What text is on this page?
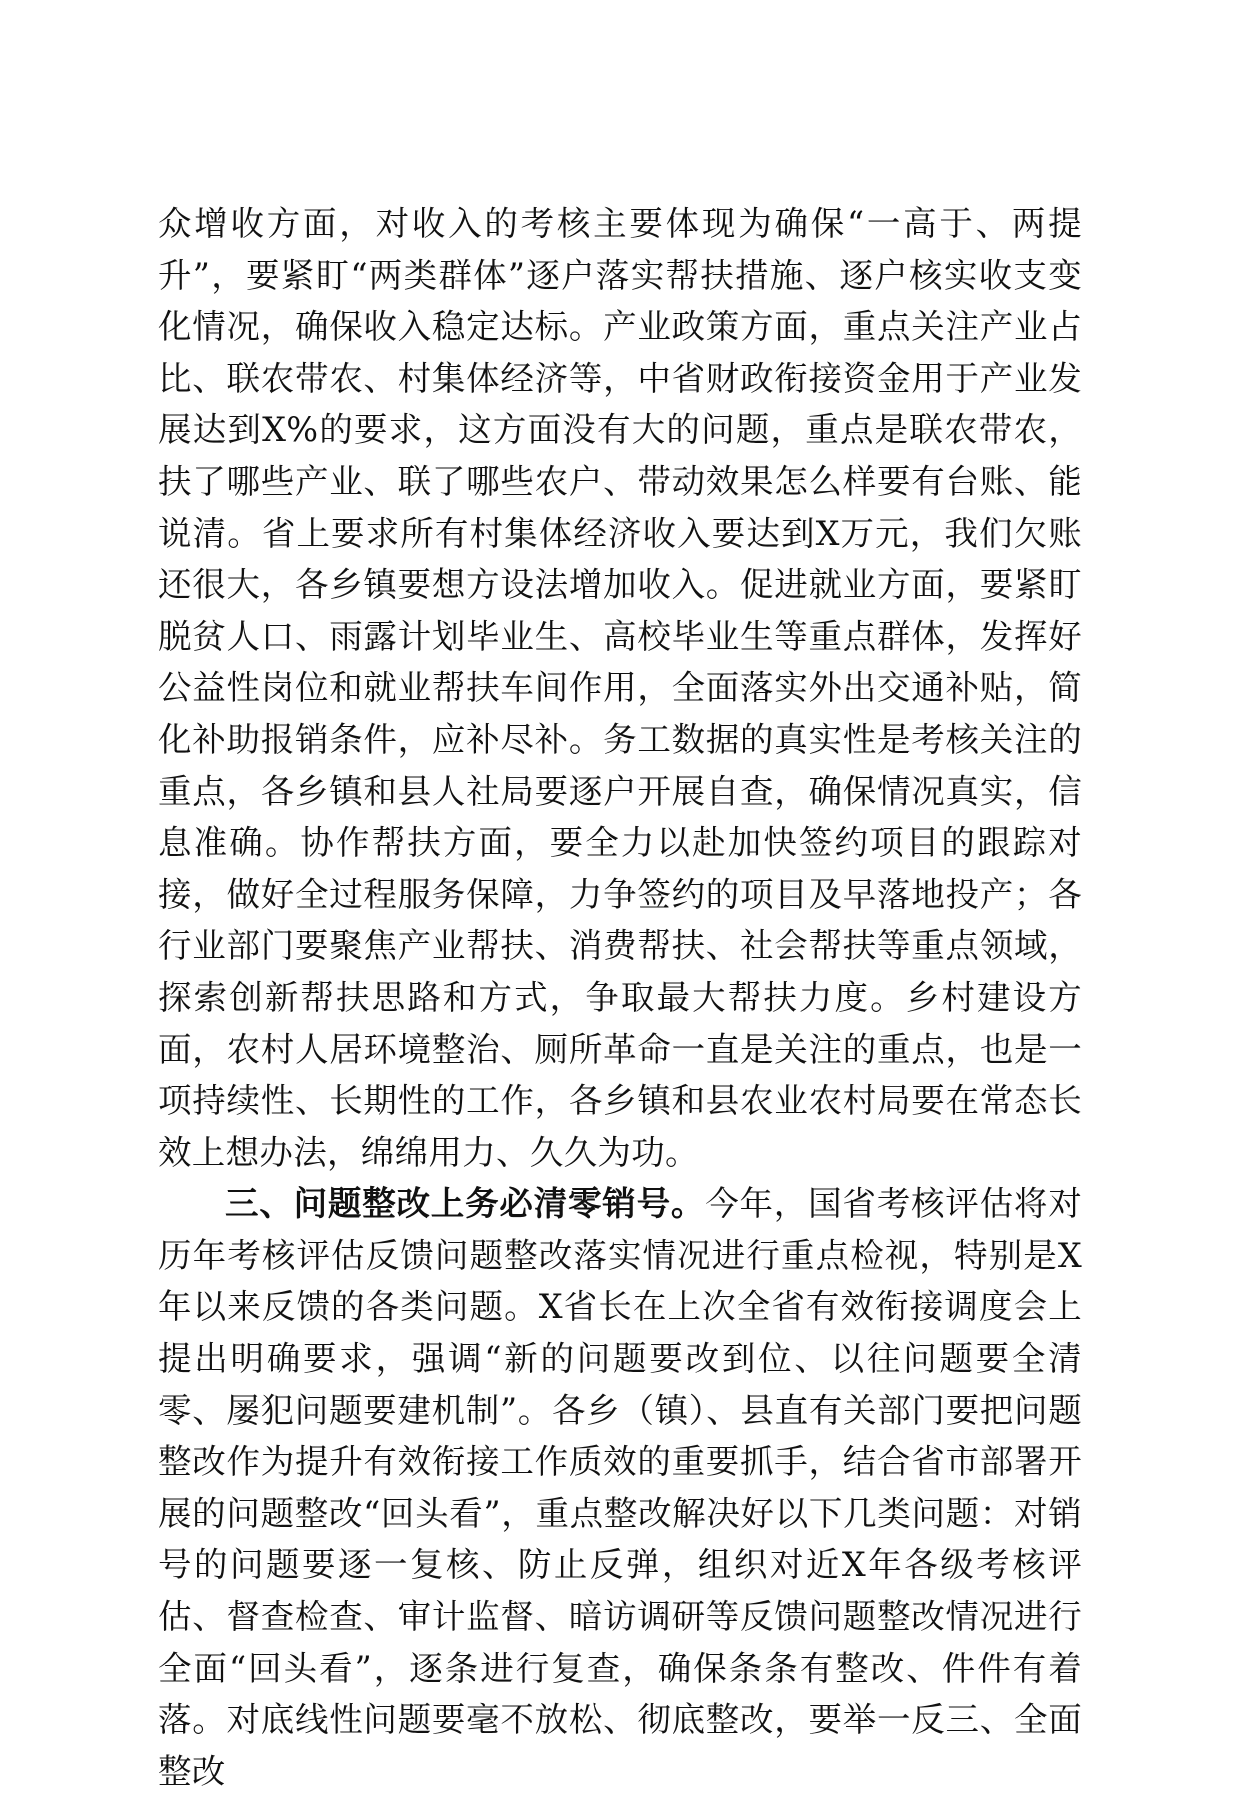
众增收方面，对收入的考核主要体现为确保“一高于、两提升”，要紧盯“两类群体”逐户落实帮扶措施、逐户核实收支变化情况，确保收入稳定达标。产业政策方面，重点关注产业占比、联农带农、村集体经济等，中省财政衔接资金用于产业发展达到X%的要求，这方面没有大的问题，重点是联农带农，扶了哪些产业、联了哪些农户、带动效果怎么样要有台账、能说清。省上要求所有村集体经济收入要达到X万元，我们欠账还很大，各乡镇要想方设法增加收入。促进就业方面，要紧盯脱贫人口、雨露计划毕业生、高校毕业生等重点群体，发挥好公益性岗位和就业帮扶车间作用，全面落实外出交通补贴，简化补助报销条件，应补尽补。务工数据的真实性是考核关注的重点，各乡镇和县人社局要逐户开展自查，确保情况真实，信息准确。协作帮扶方面，要全力以赴加快签约项目的跟踪对接，做好全过程服务保障，力争签约的项目及早落地投产；各行业部门要聚焦产业帮扶、消费帮扶、社会帮扶等重点领域，探索创新帮扶思路和方式，争取最大帮扶力度。乡村建设方面，农村人居环境整治、厕所革命一直是关注的重点，也是一项持续性、长期性的工作，各乡镇和县农业农村局要在常态长效上想办法，绵绵用力、久久为功。

三、问题整改上务必清零销号。今年，国省考核评估将对历年考核评估反馈问题整改落实情况进行重点检视，特别是X年以来反馈的各类问题。X省长在上次全省有效衔接调度会上提出明确要求，强调“新的问题要改到位、以往问题要全清零、屡犯问题要建机制”。各乡（镇）、县直有关部门要把问题整改作为提升有效衔接工作质效的重要抓手，结合省市部署开展的问题整改“回头看”，重点整改解决好以下几类问题：对销号的问题要逐一复核、防止反弹，组织对近X年各级考核评估、督查检查、审计监督、暗访调研等反馈问题整改情况进行全面“回头看”，逐条进行复查，确保条条有整改、件件有着落。对底线性问题要毫不放松、彻底整改，要举一反三、全面整改
